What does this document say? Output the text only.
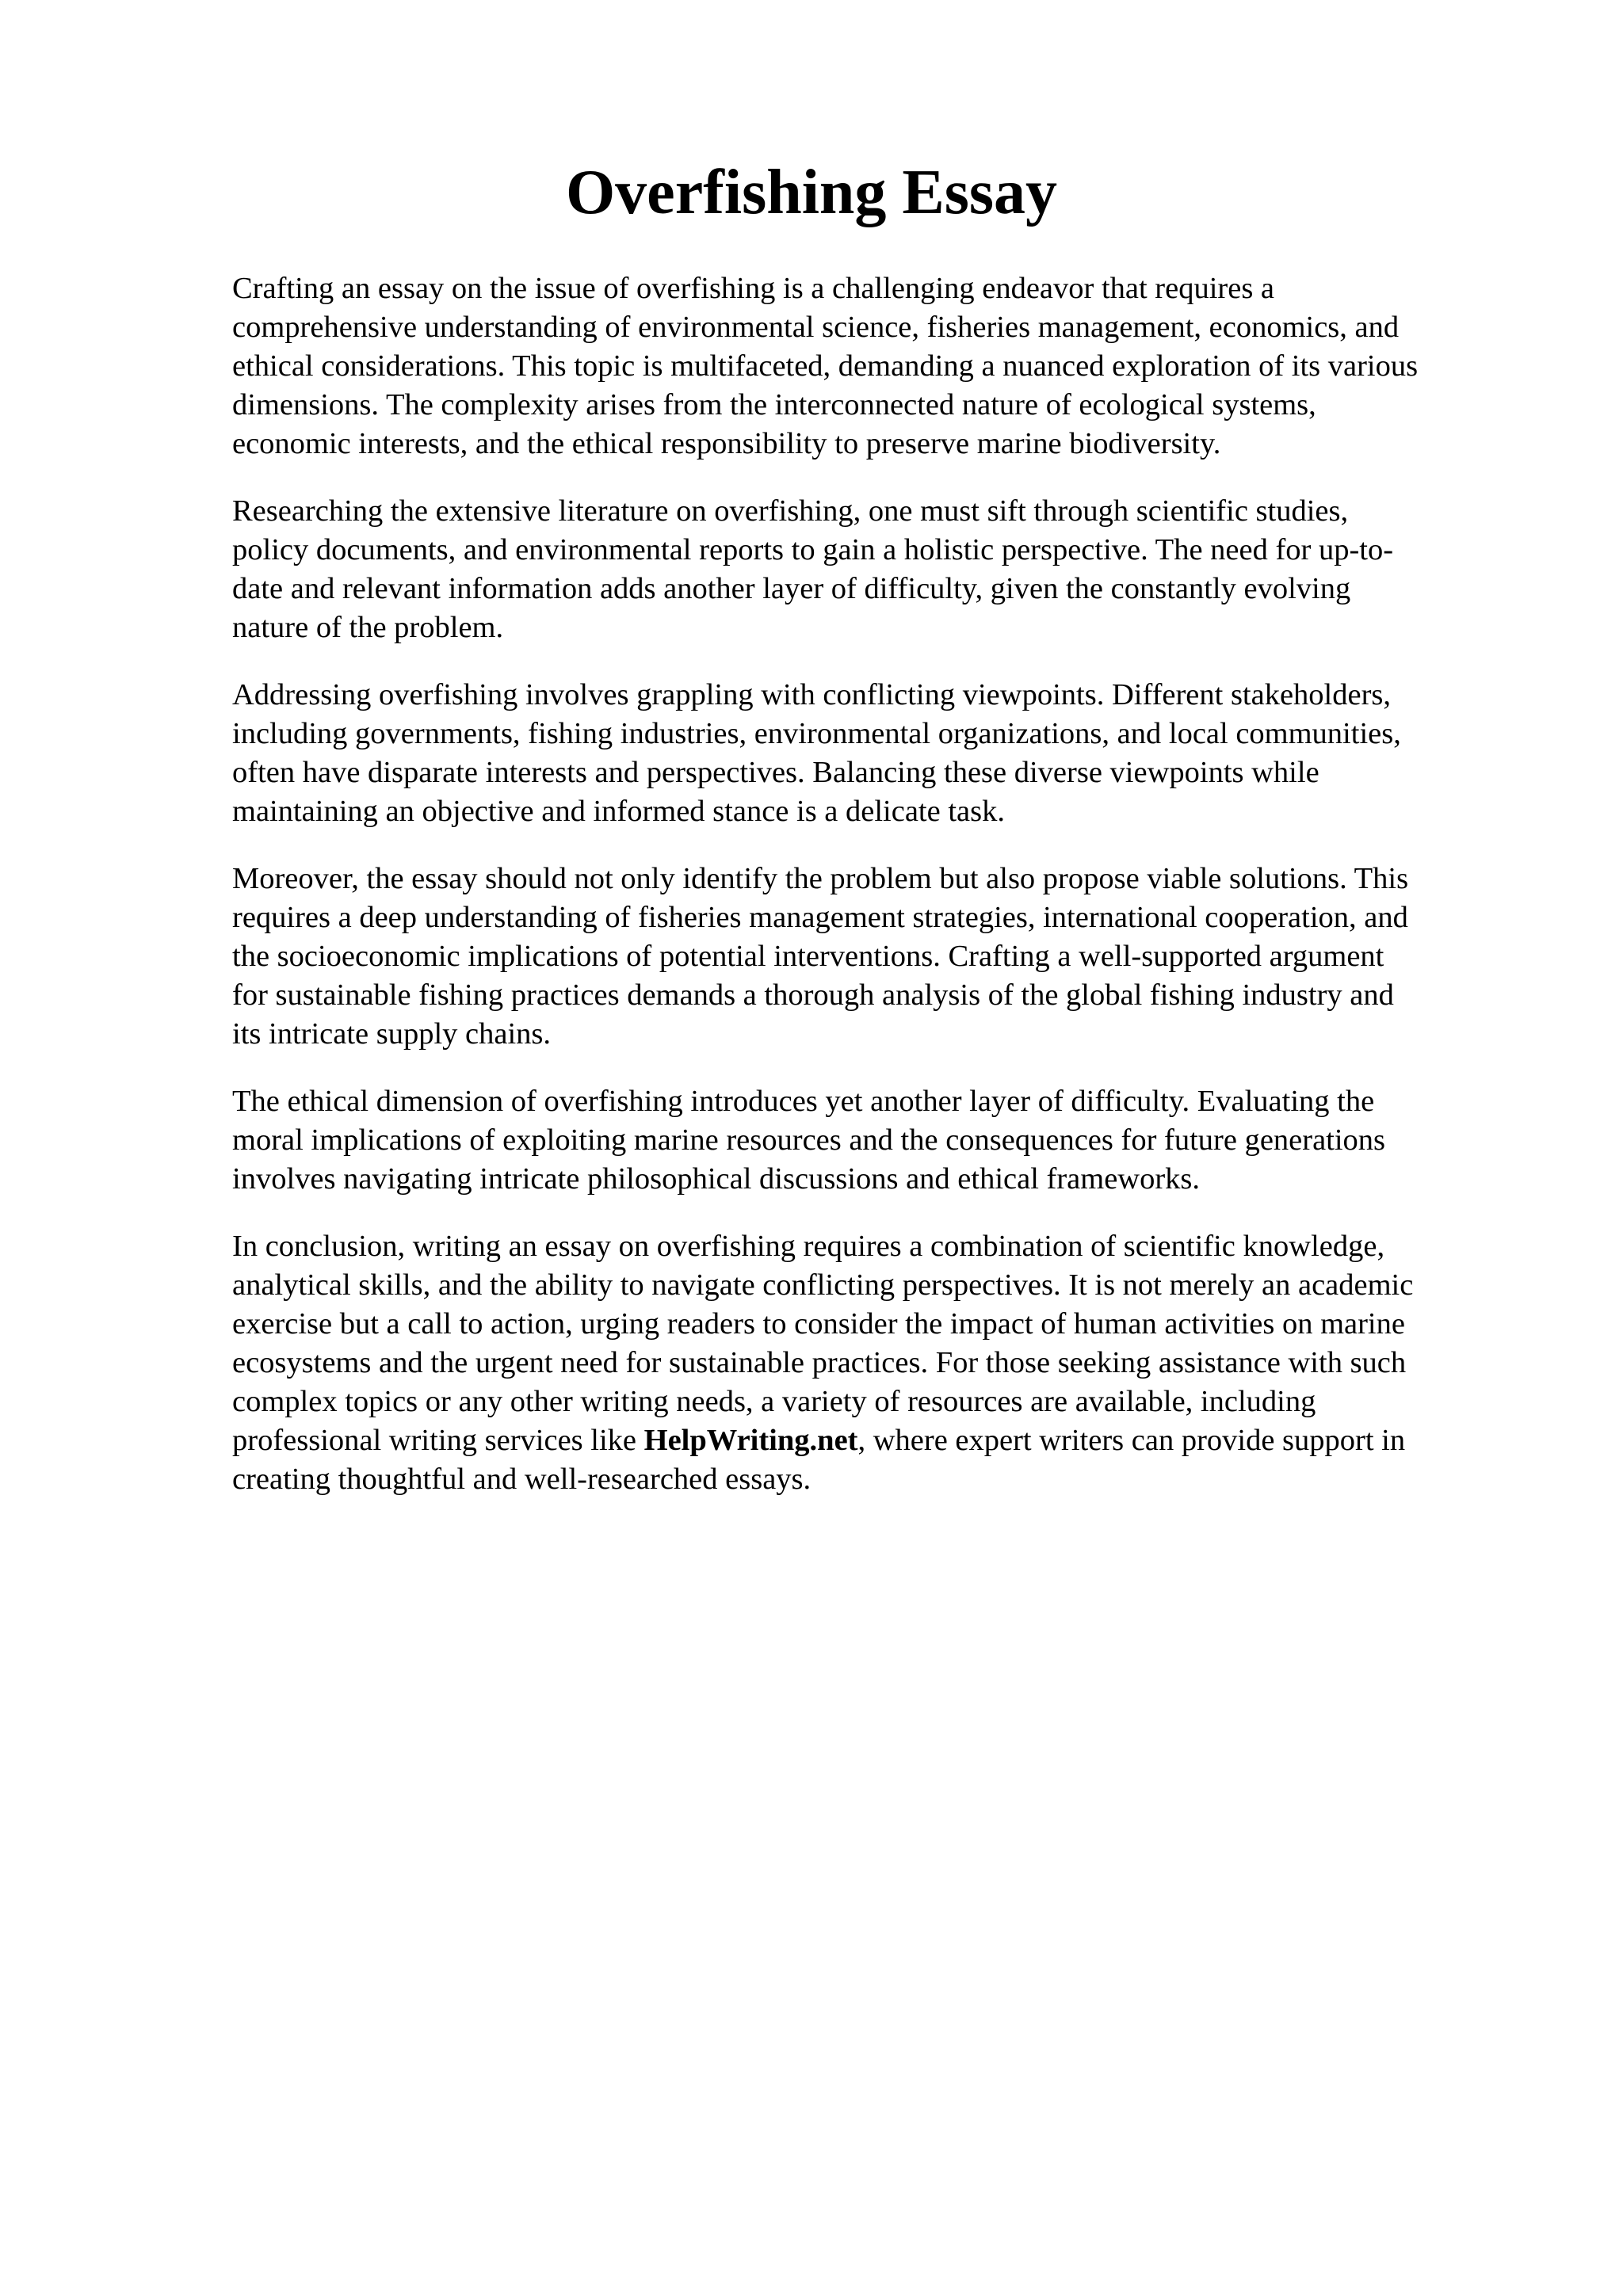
Overfishing Essay

Crafting an essay on the issue of overfishing is a challenging endeavor that requires a
comprehensive understanding of environmental science, fisheries management, economics, and
ethical considerations. This topic is multifaceted, demanding a nuanced exploration of its various
dimensions. The complexity arises from the interconnected nature of ecological systems,
economic interests, and the ethical responsibility to preserve marine biodiversity.

Researching the extensive literature on overfishing, one must sift through scientific studies,
policy documents, and environmental reports to gain a holistic perspective. The need for up-to-
date and relevant information adds another layer of difficulty, given the constantly evolving
nature of the problem.

Addressing overfishing involves grappling with conflicting viewpoints. Different stakeholders,
including governments, fishing industries, environmental organizations, and local communities,
often have disparate interests and perspectives. Balancing these diverse viewpoints while
maintaining an objective and informed stance is a delicate task.

Moreover, the essay should not only identify the problem but also propose viable solutions. This
requires a deep understanding of fisheries management strategies, international cooperation, and
the socioeconomic implications of potential interventions. Crafting a well-supported argument
for sustainable fishing practices demands a thorough analysis of the global fishing industry and
its intricate supply chains.

The ethical dimension of overfishing introduces yet another layer of difficulty. Evaluating the
moral implications of exploiting marine resources and the consequences for future generations
involves navigating intricate philosophical discussions and ethical frameworks.

In conclusion, writing an essay on overfishing requires a combination of scientific knowledge,
analytical skills, and the ability to navigate conflicting perspectives. It is not merely an academic
exercise but a call to action, urging readers to consider the impact of human activities on marine
ecosystems and the urgent need for sustainable practices. For those seeking assistance with such
complex topics or any other writing needs, a variety of resources are available, including
professional writing services like HelpWriting.net, where expert writers can provide support in
creating thoughtful and well-researched essays.
